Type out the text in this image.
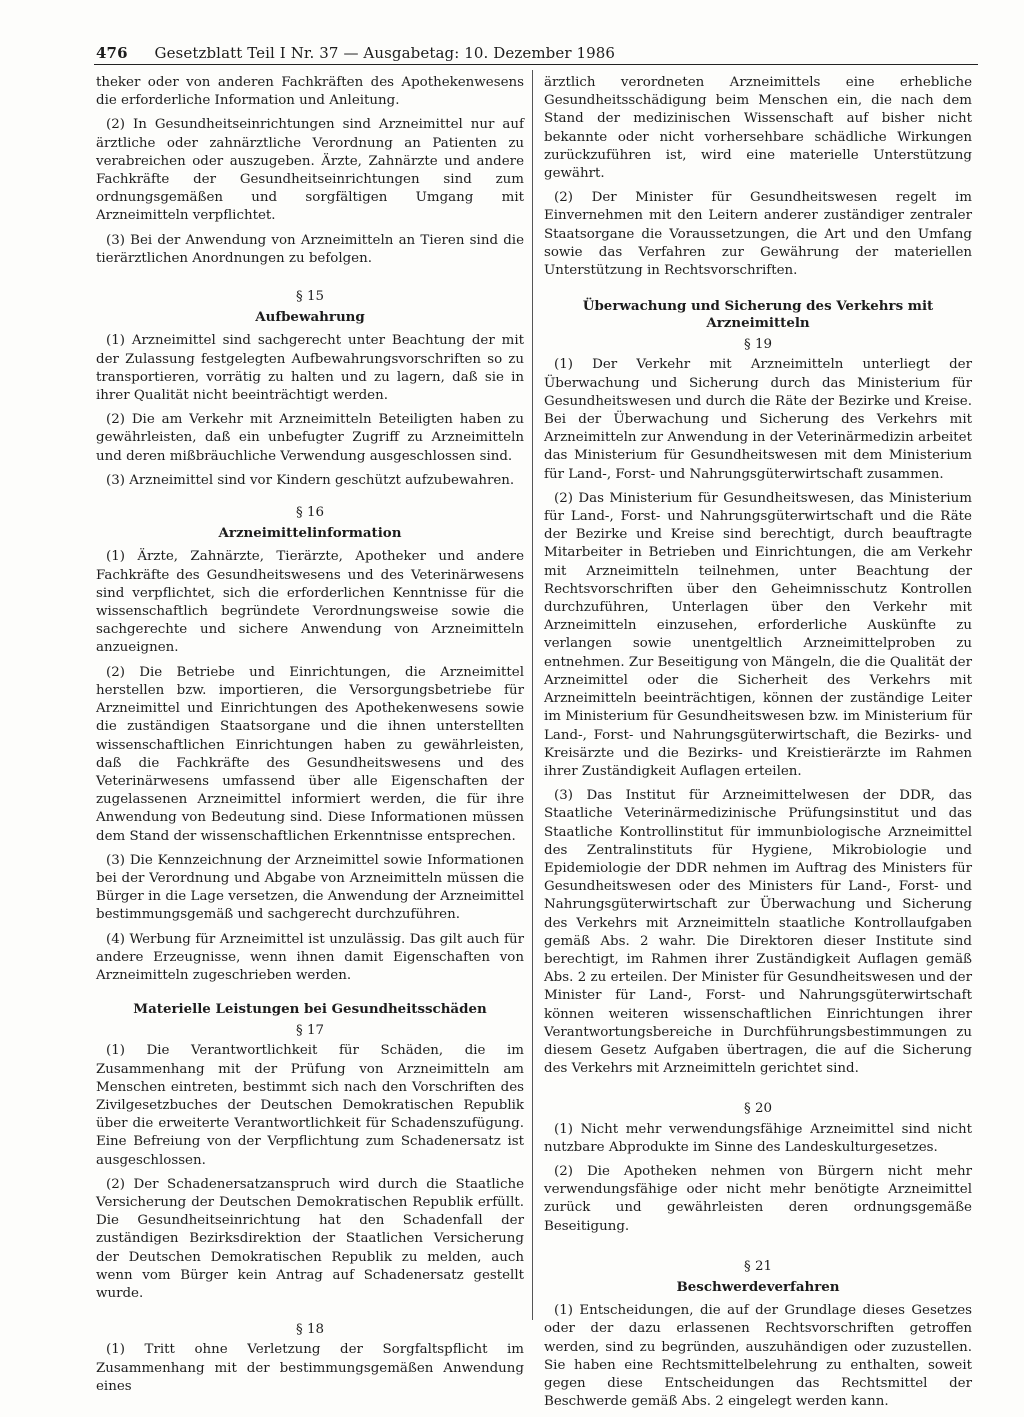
476 Gesetzblatt Teil I Nr. 37 — Ausgabetag: 10. Dezember 1986

theker oder von anderen Fachkräften des Apothekenwesens die erforderliche Information und Anleitung.

(2) In Gesundheitseinrichtungen sind Arzneimittel nur auf ärztliche oder zahnärztliche Verordnung an Patienten zu verabreichen oder auszugeben. Ärzte, Zahnärzte und andere Fachkräfte der Gesundheitseinrichtungen sind zum ordnungsgemäßen und sorgfältigen Umgang mit Arzneimitteln verpflichtet.

(3) Bei der Anwendung von Arzneimitteln an Tieren sind die tierärztlichen Anordnungen zu befolgen.

§ 15
Aufbewahrung

(1) Arzneimittel sind sachgerecht unter Beachtung der mit der Zulassung festgelegten Aufbewahrungsvorschriften so zu transportieren, vorrätig zu halten und zu lagern, daß sie in ihrer Qualität nicht beeinträchtigt werden.

(2) Die am Verkehr mit Arzneimitteln Beteiligten haben zu gewährleisten, daß ein unbefugter Zugriff zu Arzneimitteln und deren mißbräuchliche Verwendung ausgeschlossen sind.

(3) Arzneimittel sind vor Kindern geschützt aufzubewahren.

§ 16
Arzneimittelinformation

(1) Ärzte, Zahnärzte, Tierärzte, Apotheker und andere Fachkräfte des Gesundheitswesens und des Veterinärwesens sind verpflichtet, sich die erforderlichen Kenntnisse für die wissenschaftlich begründete Verordnungsweise sowie die sachgerechte und sichere Anwendung von Arzneimitteln anzueignen.

(2) Die Betriebe und Einrichtungen, die Arzneimittel herstellen bzw. importieren, die Versorgungsbetriebe für Arzneimittel und Einrichtungen des Apothekenwesens sowie die zuständigen Staatsorgane und die ihnen unterstellten wissenschaftlichen Einrichtungen haben zu gewährleisten, daß die Fachkräfte des Gesundheitswesens und des Veterinärwesens umfassend über alle Eigenschaften der zugelassenen Arzneimittel informiert werden, die für ihre Anwendung von Bedeutung sind. Diese Informationen müssen dem Stand der wissenschaftlichen Erkenntnisse entsprechen.

(3) Die Kennzeichnung der Arzneimittel sowie Informationen bei der Verordnung und Abgabe von Arzneimitteln müssen die Bürger in die Lage versetzen, die Anwendung der Arzneimittel bestimmungsgemäß und sachgerecht durchzuführen.

(4) Werbung für Arzneimittel ist unzulässig. Das gilt auch für andere Erzeugnisse, wenn ihnen damit Eigenschaften von Arzneimitteln zugeschrieben werden.

Materielle Leistungen bei Gesundheitsschäden
§ 17

(1) Die Verantwortlichkeit für Schäden, die im Zusammenhang mit der Prüfung von Arzneimitteln am Menschen eintreten, bestimmt sich nach den Vorschriften des Zivilgesetzbuches der Deutschen Demokratischen Republik über die erweiterte Verantwortlichkeit für Schadenszufügung. Eine Befreiung von der Verpflichtung zum Schadenersatz ist ausgeschlossen.

(2) Der Schadenersatzanspruch wird durch die Staatliche Versicherung der Deutschen Demokratischen Republik erfüllt. Die Gesundheitseinrichtung hat den Schadenfall der zuständigen Bezirksdirektion der Staatlichen Versicherung der Deutschen Demokratischen Republik zu melden, auch wenn vom Bürger kein Antrag auf Schadenersatz gestellt wurde.

§ 18

(1) Tritt ohne Verletzung der Sorgfaltspflicht im Zusammenhang mit der bestimmungsgemäßen Anwendung eines

ärztlich verordneten Arzneimittels eine erhebliche Gesundheitsschädigung beim Menschen ein, die nach dem Stand der medizinischen Wissenschaft auf bisher nicht bekannte oder nicht vorhersehbare schädliche Wirkungen zurückzuführen ist, wird eine materielle Unterstützung gewährt.

(2) Der Minister für Gesundheitswesen regelt im Einvernehmen mit den Leitern anderer zuständiger zentraler Staatsorgane die Voraussetzungen, die Art und den Umfang sowie das Verfahren zur Gewährung der materiellen Unterstützung in Rechtsvorschriften.

Überwachung und Sicherung des Verkehrs mit Arzneimitteln
§ 19

(1) Der Verkehr mit Arzneimitteln unterliegt der Überwachung und Sicherung durch das Ministerium für Gesundheitswesen und durch die Räte der Bezirke und Kreise. Bei der Überwachung und Sicherung des Verkehrs mit Arzneimitteln zur Anwendung in der Veterinärmedizin arbeitet das Ministerium für Gesundheitswesen mit dem Ministerium für Land-, Forst- und Nahrungsgüterwirtschaft zusammen.

(2) Das Ministerium für Gesundheitswesen, das Ministerium für Land-, Forst- und Nahrungsgüterwirtschaft und die Räte der Bezirke und Kreise sind berechtigt, durch beauftragte Mitarbeiter in Betrieben und Einrichtungen, die am Verkehr mit Arzneimitteln teilnehmen, unter Beachtung der Rechtsvorschriften über den Geheimnisschutz Kontrollen durchzuführen, Unterlagen über den Verkehr mit Arzneimitteln einzusehen, erforderliche Auskünfte zu verlangen sowie unentgeltlich Arzneimittelproben zu entnehmen. Zur Beseitigung von Mängeln, die die Qualität der Arzneimittel oder die Sicherheit des Verkehrs mit Arzneimitteln beeinträchtigen, können der zuständige Leiter im Ministerium für Gesundheitswesen bzw. im Ministerium für Land-, Forst- und Nahrungsgüterwirtschaft, die Bezirks- und Kreisärzte und die Bezirks- und Kreistierärzte im Rahmen ihrer Zuständigkeit Auflagen erteilen.

(3) Das Institut für Arzneimittelwesen der DDR, das Staatliche Veterinärmedizinische Prüfungsinstitut und das Staatliche Kontrollinstitut für immunbiologische Arzneimittel des Zentralinstituts für Hygiene, Mikrobiologie und Epidemiologie der DDR nehmen im Auftrag des Ministers für Gesundheitswesen oder des Ministers für Land-, Forst- und Nahrungsgüterwirtschaft zur Überwachung und Sicherung des Verkehrs mit Arzneimitteln staatliche Kontrollaufgaben gemäß Abs. 2 wahr. Die Direktoren dieser Institute sind berechtigt, im Rahmen ihrer Zuständigkeit Auflagen gemäß Abs. 2 zu erteilen. Der Minister für Gesundheitswesen und der Minister für Land-, Forst- und Nahrungsgüterwirtschaft können weiteren wissenschaftlichen Einrichtungen ihrer Verantwortungsbereiche in Durchführungsbestimmungen zu diesem Gesetz Aufgaben übertragen, die auf die Sicherung des Verkehrs mit Arzneimitteln gerichtet sind.

§ 20

(1) Nicht mehr verwendungsfähige Arzneimittel sind nicht nutzbare Abprodukte im Sinne des Landeskulturgesetzes.

(2) Die Apotheken nehmen von Bürgern nicht mehr verwendungsfähige oder nicht mehr benötigte Arzneimittel zurück und gewährleisten deren ordnungsgemäße Beseitigung.

§ 21
Beschwerdeverfahren

(1) Entscheidungen, die auf der Grundlage dieses Gesetzes oder der dazu erlassenen Rechtsvorschriften getroffen werden, sind zu begründen, auszuhändigen oder zuzustellen. Sie haben eine Rechtsmittelbelehrung zu enthalten, soweit gegen diese Entscheidungen das Rechtsmittel der Beschwerde gemäß Abs. 2 eingelegt werden kann.
